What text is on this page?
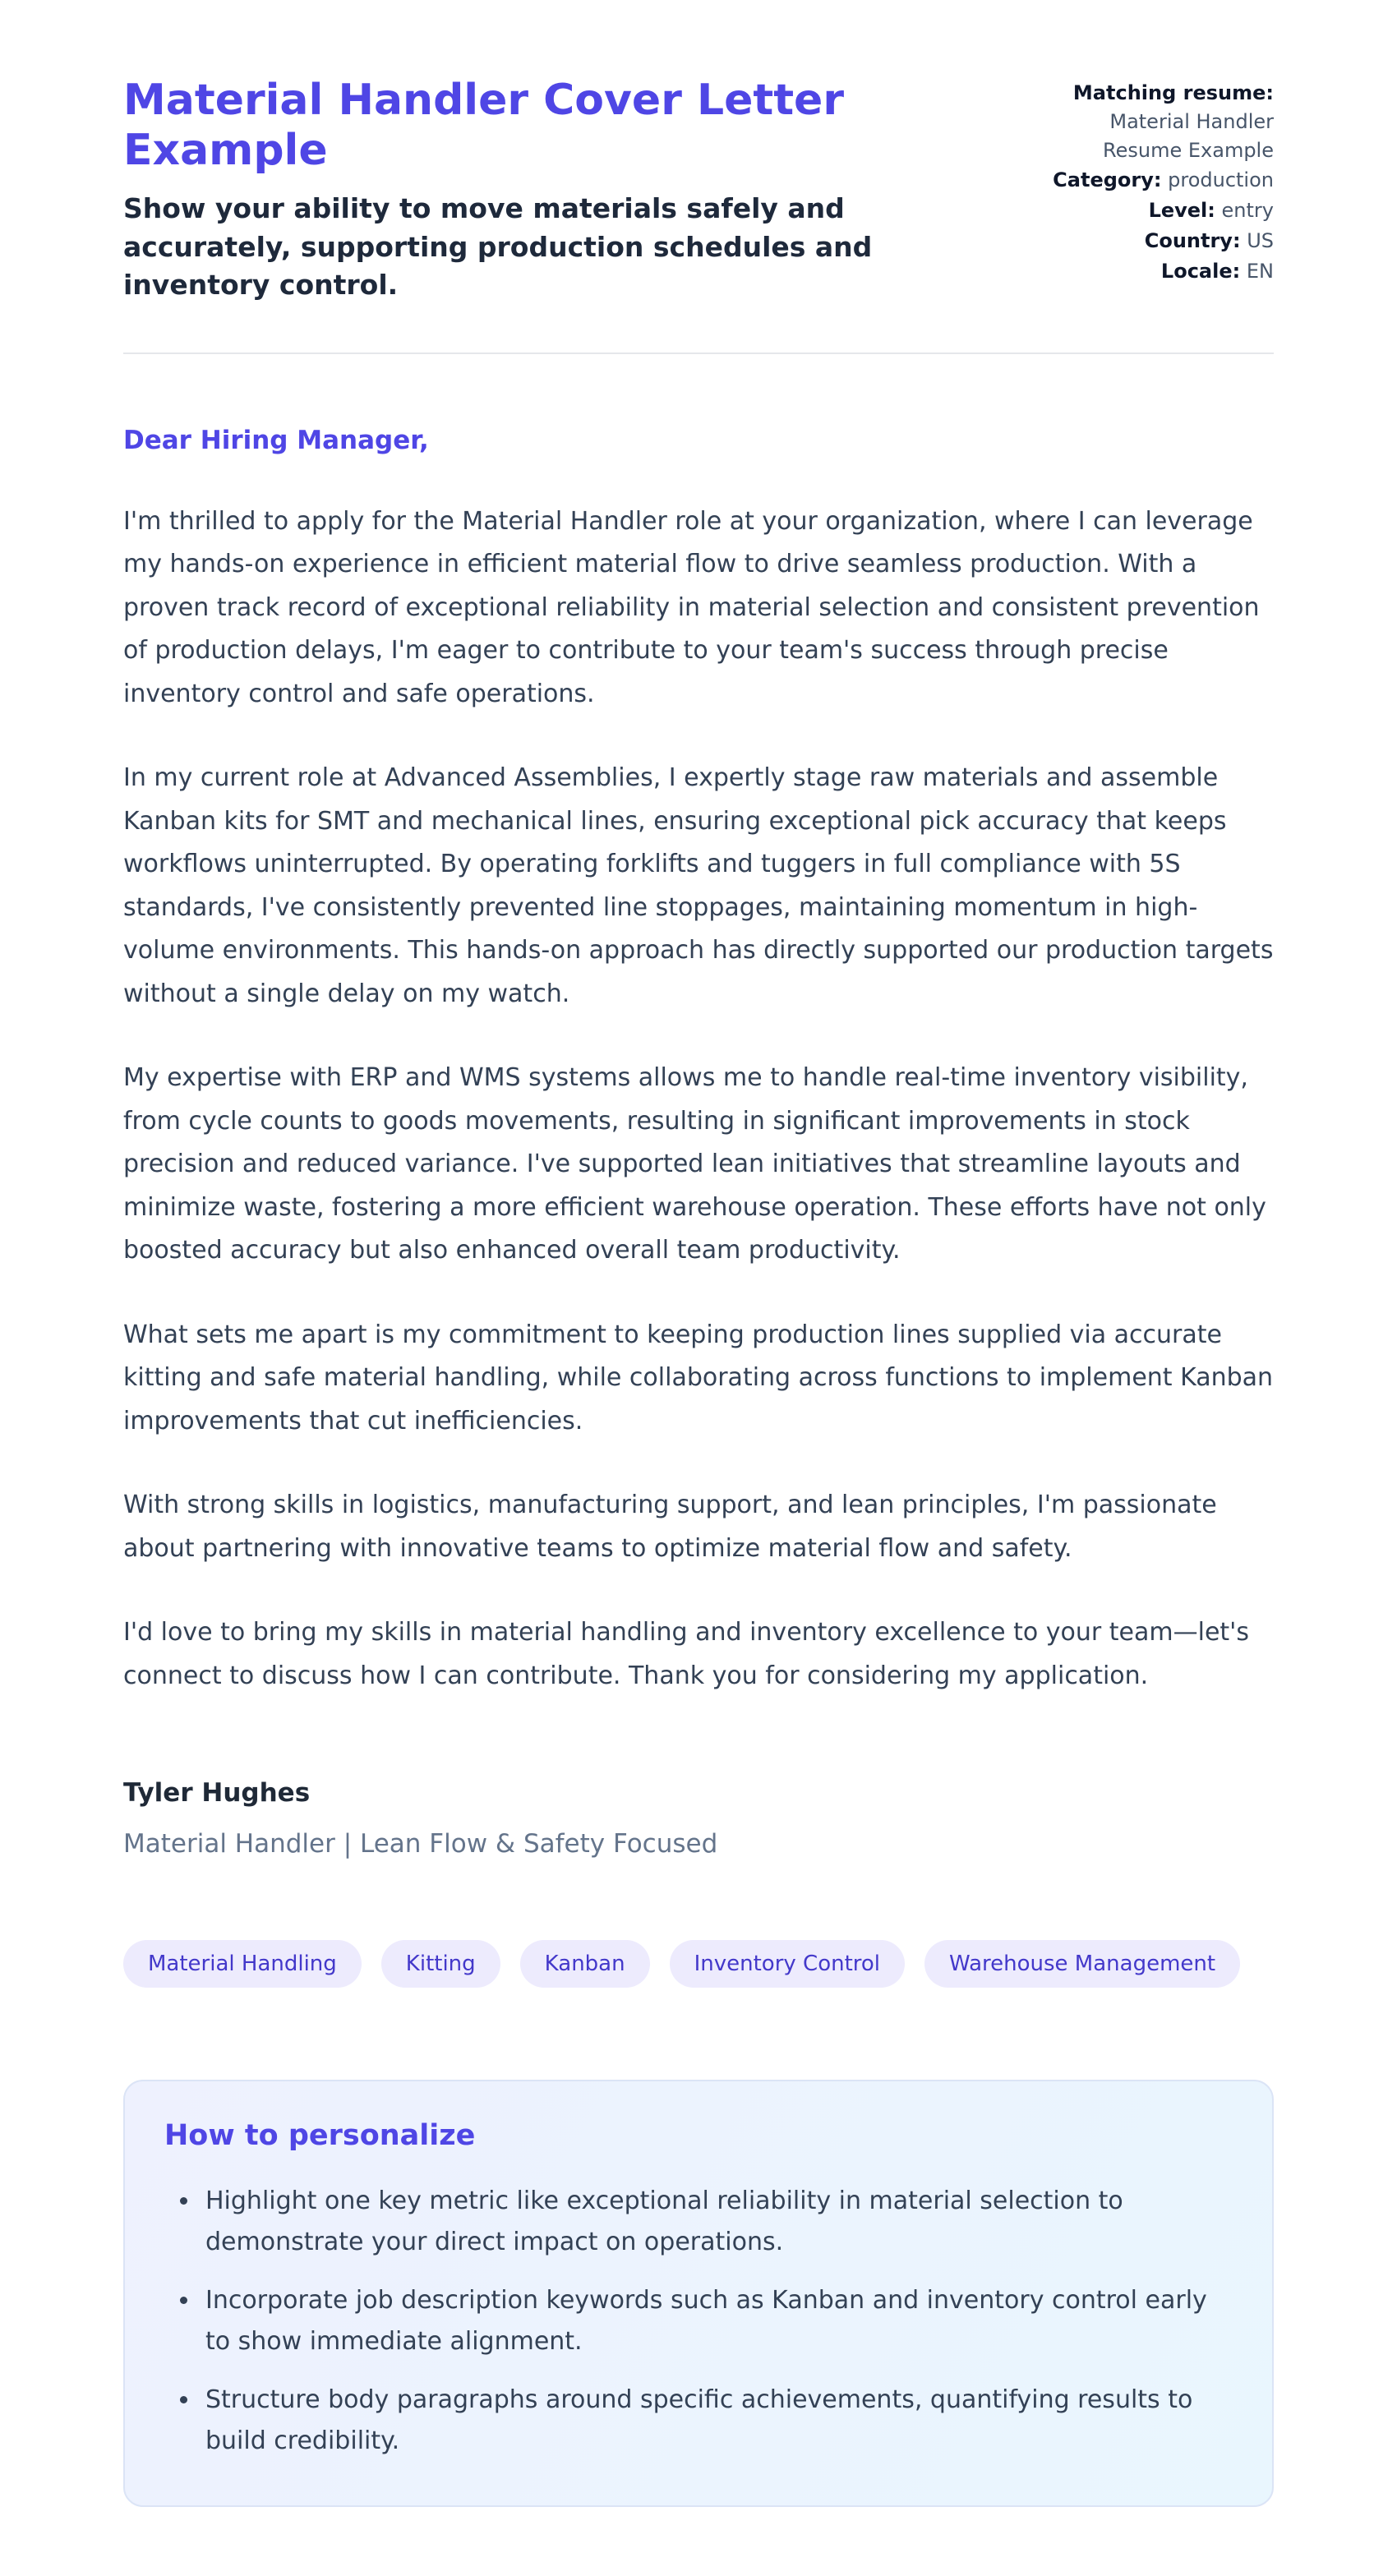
Material Handler Cover Letter Example

Show your ability to move materials safely and accurately, supporting production schedules and inventory control.

Matching resume: Material Handler Resume Example
Category: production
Level: entry
Country: US
Locale: EN

Dear Hiring Manager,

I'm thrilled to apply for the Material Handler role at your organization, where I can leverage my hands-on experience in efficient material flow to drive seamless production. With a proven track record of exceptional reliability in material selection and consistent prevention of production delays, I'm eager to contribute to your team's success through precise inventory control and safe operations.

In my current role at Advanced Assemblies, I expertly stage raw materials and assemble Kanban kits for SMT and mechanical lines, ensuring exceptional pick accuracy that keeps workflows uninterrupted. By operating forklifts and tuggers in full compliance with 5S standards, I've consistently prevented line stoppages, maintaining momentum in high-volume environments. This hands-on approach has directly supported our production targets without a single delay on my watch.

My expertise with ERP and WMS systems allows me to handle real-time inventory visibility, from cycle counts to goods movements, resulting in significant improvements in stock precision and reduced variance. I've supported lean initiatives that streamline layouts and minimize waste, fostering a more efficient warehouse operation. These efforts have not only boosted accuracy but also enhanced overall team productivity.

What sets me apart is my commitment to keeping production lines supplied via accurate kitting and safe material handling, while collaborating across functions to implement Kanban improvements that cut inefficiencies.

With strong skills in logistics, manufacturing support, and lean principles, I'm passionate about partnering with innovative teams to optimize material flow and safety.

I'd love to bring my skills in material handling and inventory excellence to your team—let's connect to discuss how I can contribute. Thank you for considering my application.

Tyler Hughes

Material Handler | Lean Flow & Safety Focused

Material Handling	Kitting	Kanban	Inventory Control	Warehouse Management
How to personalize
• Highlight one key metric like exceptional reliability in material selection to demonstrate your direct impact on operations.
• Incorporate job description keywords such as Kanban and inventory control early to show immediate alignment.
• Structure body paragraphs around specific achievements, quantifying results to build credibility.
